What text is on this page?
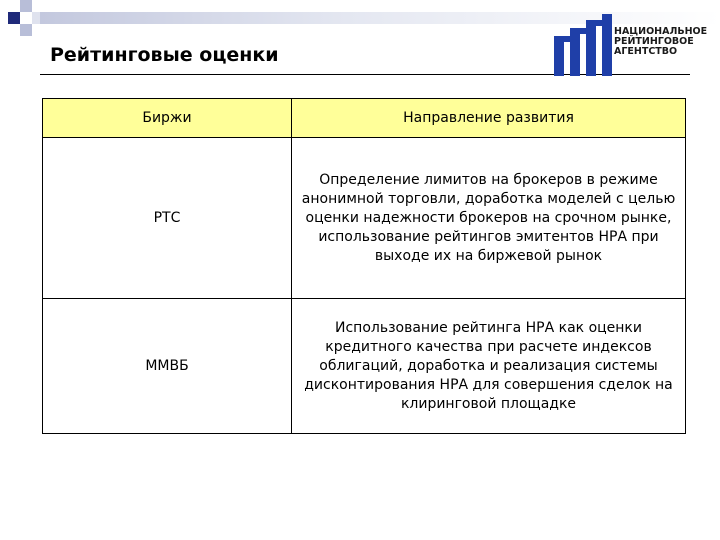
Рейтинговые оценки
НАЦИОНАЛЬНОЕ
РЕЙТИНГОВОЕ
АГЕНТСТВО
Биржи	Направление развития
РТС	Определение лимитов на брокеров в режиме анонимной торговли, доработка моделей с целью оценки надежности брокеров на срочном рынке, использование рейтингов эмитентов НРА при выходе их на биржевой рынок
ММВБ	Использование рейтинга НРА как оценки кредитного качества при расчете индексов облигаций, доработка и реализация системы дисконтирования НРА для совершения сделок на клиринговой площадке
